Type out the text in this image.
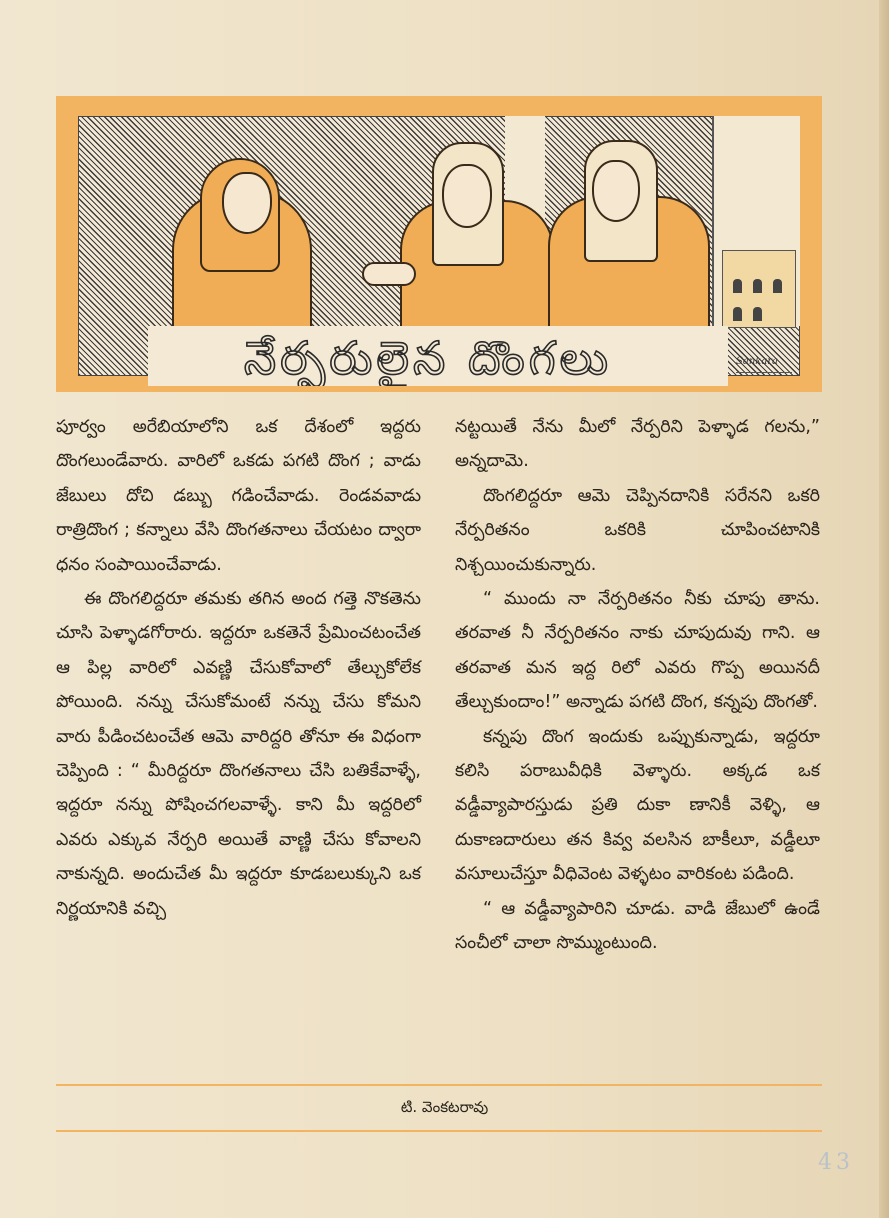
నేర్పరులైన దొంగలు	Sankara

పూర్వం అరేబియాలోని ఒక దేశంలో ఇద్దరు దొంగలుండేవారు. వారిలో ఒకడు పగటి దొంగ ; వాడు జేబులు దోచి డబ్బు గడించేవాడు. రెండవవాడు రాత్రిదొంగ ; కన్నాలు వేసి దొంగతనాలు చేయటం ద్వారా ధనం సంపాయించేవాడు.

ఈ దొంగలిద్దరూ తమకు తగిన అంద గత్తె నొకతెను చూసి పెళ్ళాడగోరారు. ఇద్దరూ ఒకతెనే ప్రేమించటంచేత ఆ పిల్ల వారిలో ఎవణ్ణి చేసుకోవాలో తేల్చుకోలేక పోయింది. నన్ను చేసుకోమంటే నన్ను చేసు కోమని వారు పీడించటంచేత ఆమె వారిద్దరి తోనూ ఈ విధంగా చెప్పింది : “ మీరిద్దరూ దొంగతనాలు చేసి బతికేవాళ్ళే, ఇద్దరూ నన్ను పోషించగలవాళ్ళే. కాని మీ ఇద్దరిలో ఎవరు ఎక్కువ నేర్పరి అయితే వాణ్ణి చేసు కోవాలని నాకున్నది. అందుచేత మీ ఇద్దరూ కూడబలుక్కుని ఒక నిర్ణయానికి వచ్చి

నట్టయితే నేను మీలో నేర్పరిని పెళ్ళాడ గలను,” అన్నదామె.

దొంగలిద్దరూ ఆమె చెప్పినదానికి సరేనని ఒకరి నేర్పరితనం ఒకరికి చూపించటానికి నిశ్చయించుకున్నారు.

“ ముందు నా నేర్పరితనం నీకు చూపు తాను. తరవాత నీ నేర్పరితనం నాకు చూపుదువు గాని. ఆ తరవాత మన ఇద్ద రిలో ఎవరు గొప్ప అయినదీ తేల్చుకుందాం!” అన్నాడు పగటి దొంగ, కన్నపు దొంగతో.

కన్నపు దొంగ ఇందుకు ఒప్పుకున్నాడు, ఇద్దరూ కలిసి పరాబువీధికి వెళ్ళారు. అక్కడ ఒక వడ్డీవ్యాపారస్తుడు ప్రతి దుకా ణానికీ వెళ్ళి, ఆ దుకాణదారులు తన కివ్వ వలసిన బాకీలూ, వడ్డీలూ వసూలుచేస్తూ వీధివెంట వెళ్ళటం వారికంట పడింది.

“ ఆ వడ్డీవ్యాపారిని చూడు. వాడి జేబులో ఉండే సంచీలో చాలా సొమ్ముంటుంది.

టి. వెంకటరావు
43
